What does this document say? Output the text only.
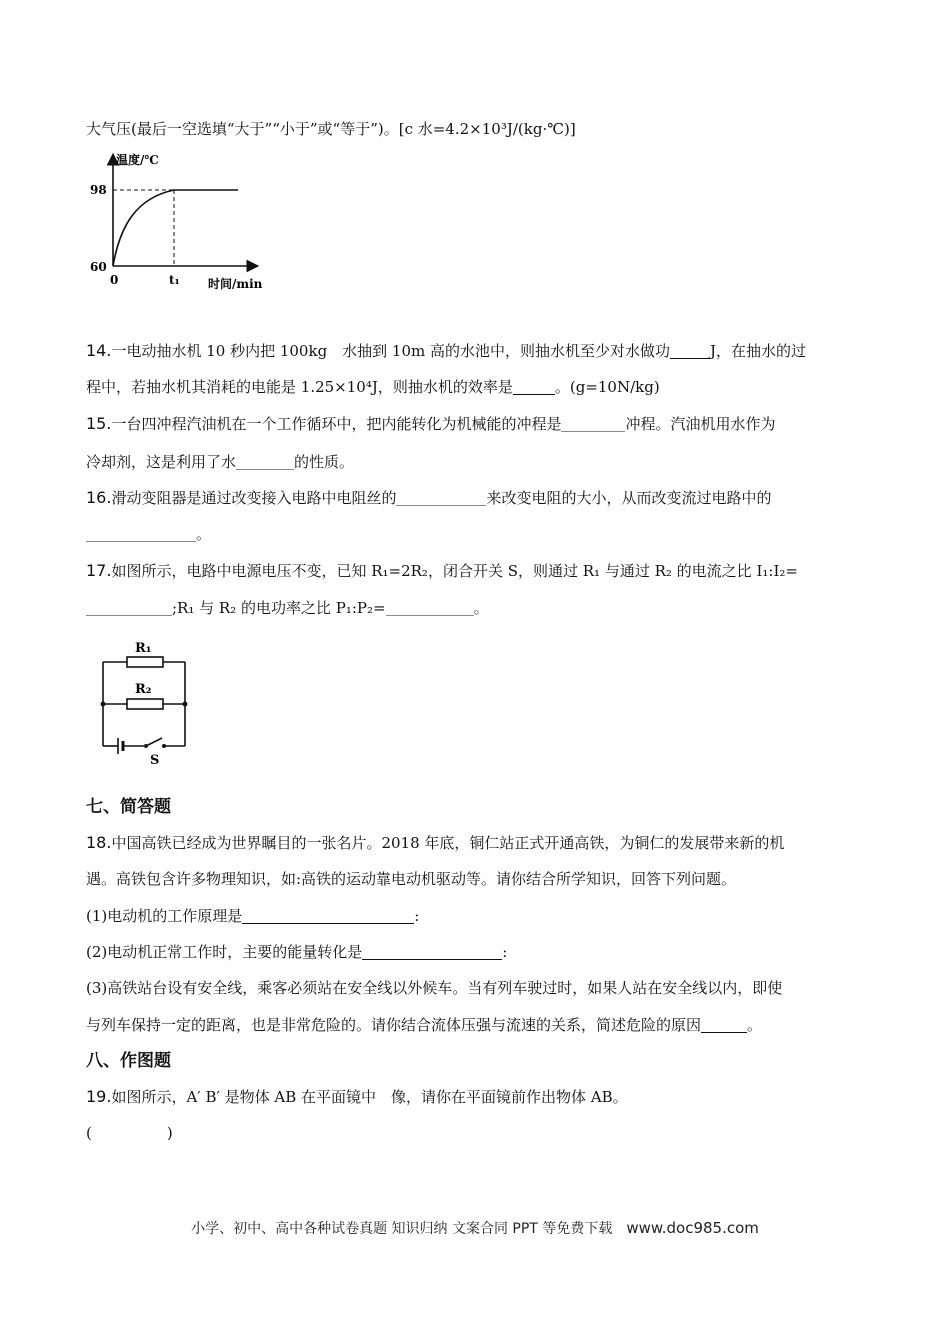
大气压(最后一空选填“大于”“小于”或“等于”)。[c 水=4.2×10³J/(kg·℃)]
温度/℃
98
60
0	t₁ 时间/min
14.一电动抽水机 10 秒内把 100kg　水抽到 10m 高的水池中，则抽水机至少对水做功	J，在抽水的过
程中，若抽水机其消耗的电能是 1.25×10⁴J，则抽水机的效率是	。(g=10N/kg)
15.一台四冲程汽油机在一个工作循环中，把内能转化为机械能的冲程是	冲程。汽油机用水作为
冷却剂，这是利用了水	的性质。
16.滑动变阻器是通过改变接入电路中电阻丝的	来改变电阻的大小，从而改变流过电路中的
。
17.如图所示，电路中电源电压不变，已知 R₁=2R₂，闭合开关 S，则通过 R₁ 与通过 R₂ 的电流之比 I₁:I₂=
;R₁ 与 R₂ 的电功率之比 P₁:P₂=	。
R₁
R₂
S
七、简答题
18.中国高铁已经成为世界瞩目的一张名片。2018 年底，铜仁站正式开通高铁，为铜仁的发展带来新的机
遇。高铁包含许多物理知识，如:高铁的运动靠电动机驱动等。请你结合所学知识，回答下列问题。
(1)电动机的工作原理是	:
(2)电动机正常工作时，主要的能量转化是	:
(3)高铁站台设有安全线，乘客必须站在安全线以外候车。当有列车驶过时，如果人站在安全线以内，即使
与列车保持一定的距离，也是非常危险的。请你结合流体压强与流速的关系，简述危险的原因	。
八、作图题
19.如图所示，A′ B′ 是物体 AB 在平面镜中　像，请你在平面镜前作出物体 AB。
(　　　　　)
小学、初中、高中各种试卷真题 知识归纳 文案合同 PPT 等免费下载 www.doc985.com
